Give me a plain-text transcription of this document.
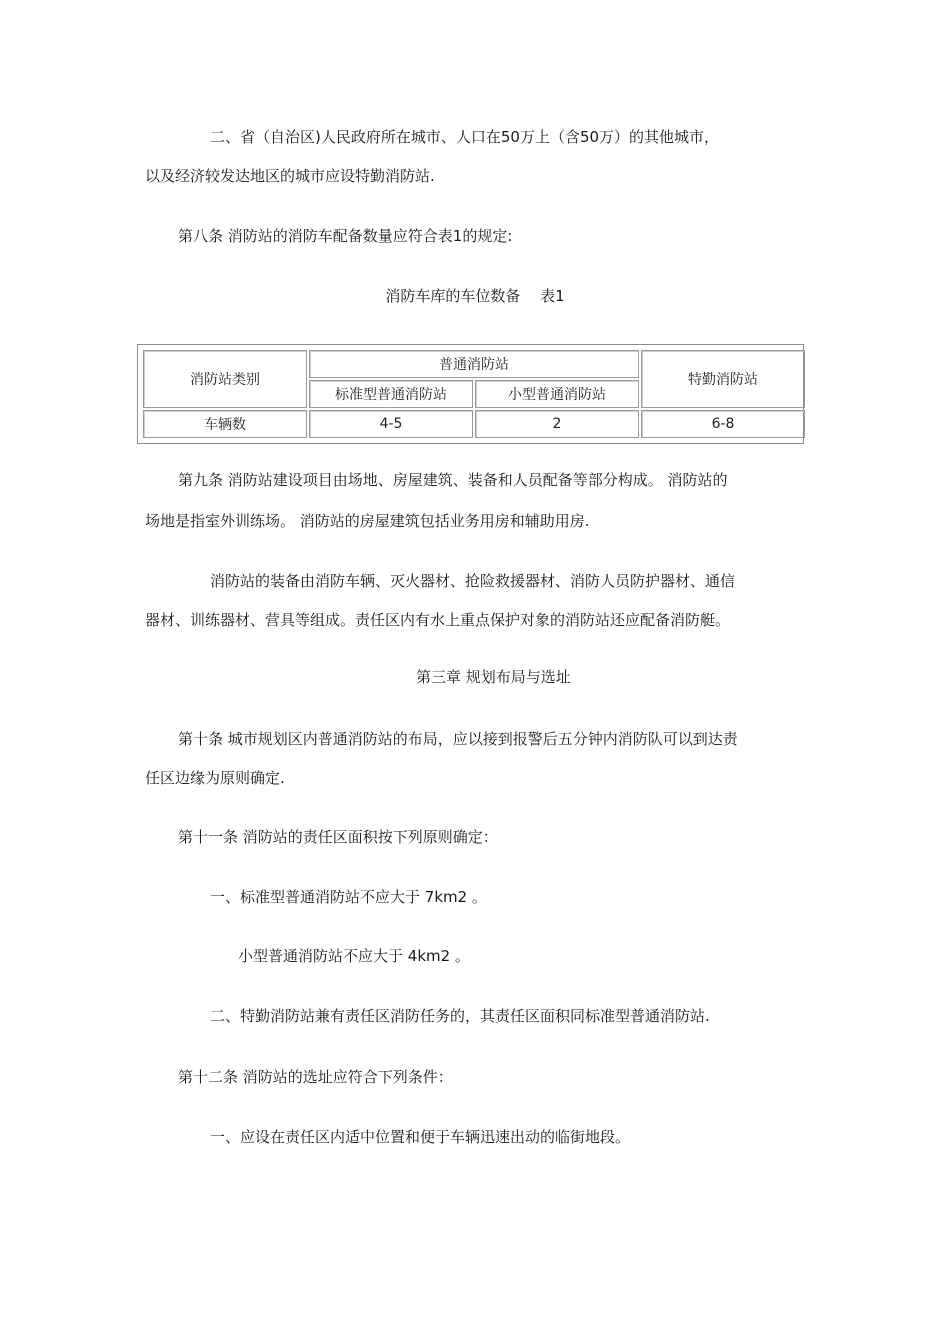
二、省（自治区)人民政府所在城市、人口在50万上（含50万）的其他城市，
以及经济较发达地区的城市应设特勤消防站.
第八条 消防站的消防车配备数量应符合表1的规定:
消防车库的车位数备　 表1
消防站类别	普通消防站		特勤消防站
	标准型普通消防站	小型普通消防站	
车辆数	4-5	2	6-8
第九条 消防站建设项目由场地、房屋建筑、装备和人员配备等部分构成。 消防站的
场地是指室外训练场。 消防站的房屋建筑包括业务用房和辅助用房.
消防站的装备由消防车辆、灭火器材、抢险救援器材、消防人员防护器材、通信
器材、训练器材、营具等组成。责任区内有水上重点保护对象的消防站还应配备消防艇。
第三章 规划布局与选址
第十条 城市规划区内普通消防站的布局，应以接到报警后五分钟内消防队可以到达责
任区边缘为原则确定.
第十一条 消防站的责任区面积按下列原则确定：
一、标准型普通消防站不应大于 7km2 。
小型普通消防站不应大于 4km2 。
二、特勤消防站兼有责任区消防任务的，其责任区面积同标准型普通消防站.
第十二条 消防站的选址应符合下列条件：
一、应设在责任区内适中位置和便于车辆迅速出动的临街地段。
